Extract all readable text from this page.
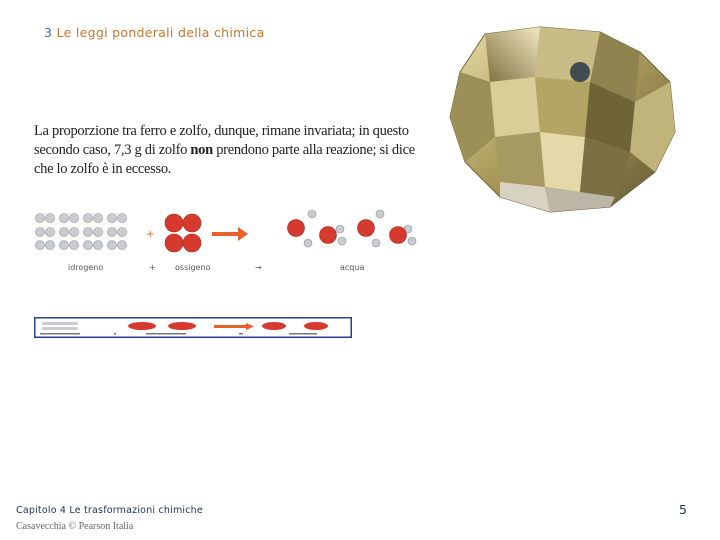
3 Le leggi ponderali della chimica
La proporzione tra ferro e zolfo, dunque, rimane invariata; in questo secondo caso, 7,3 g di zolfo non prendono parte alla reazione; si dice che lo zolfo è in eccesso.
+
idrogeno	+ ossigeno	→	acqua
Capitolo 4 Le trasformazioni chimiche
Casavecchia © Pearson Italia
5
